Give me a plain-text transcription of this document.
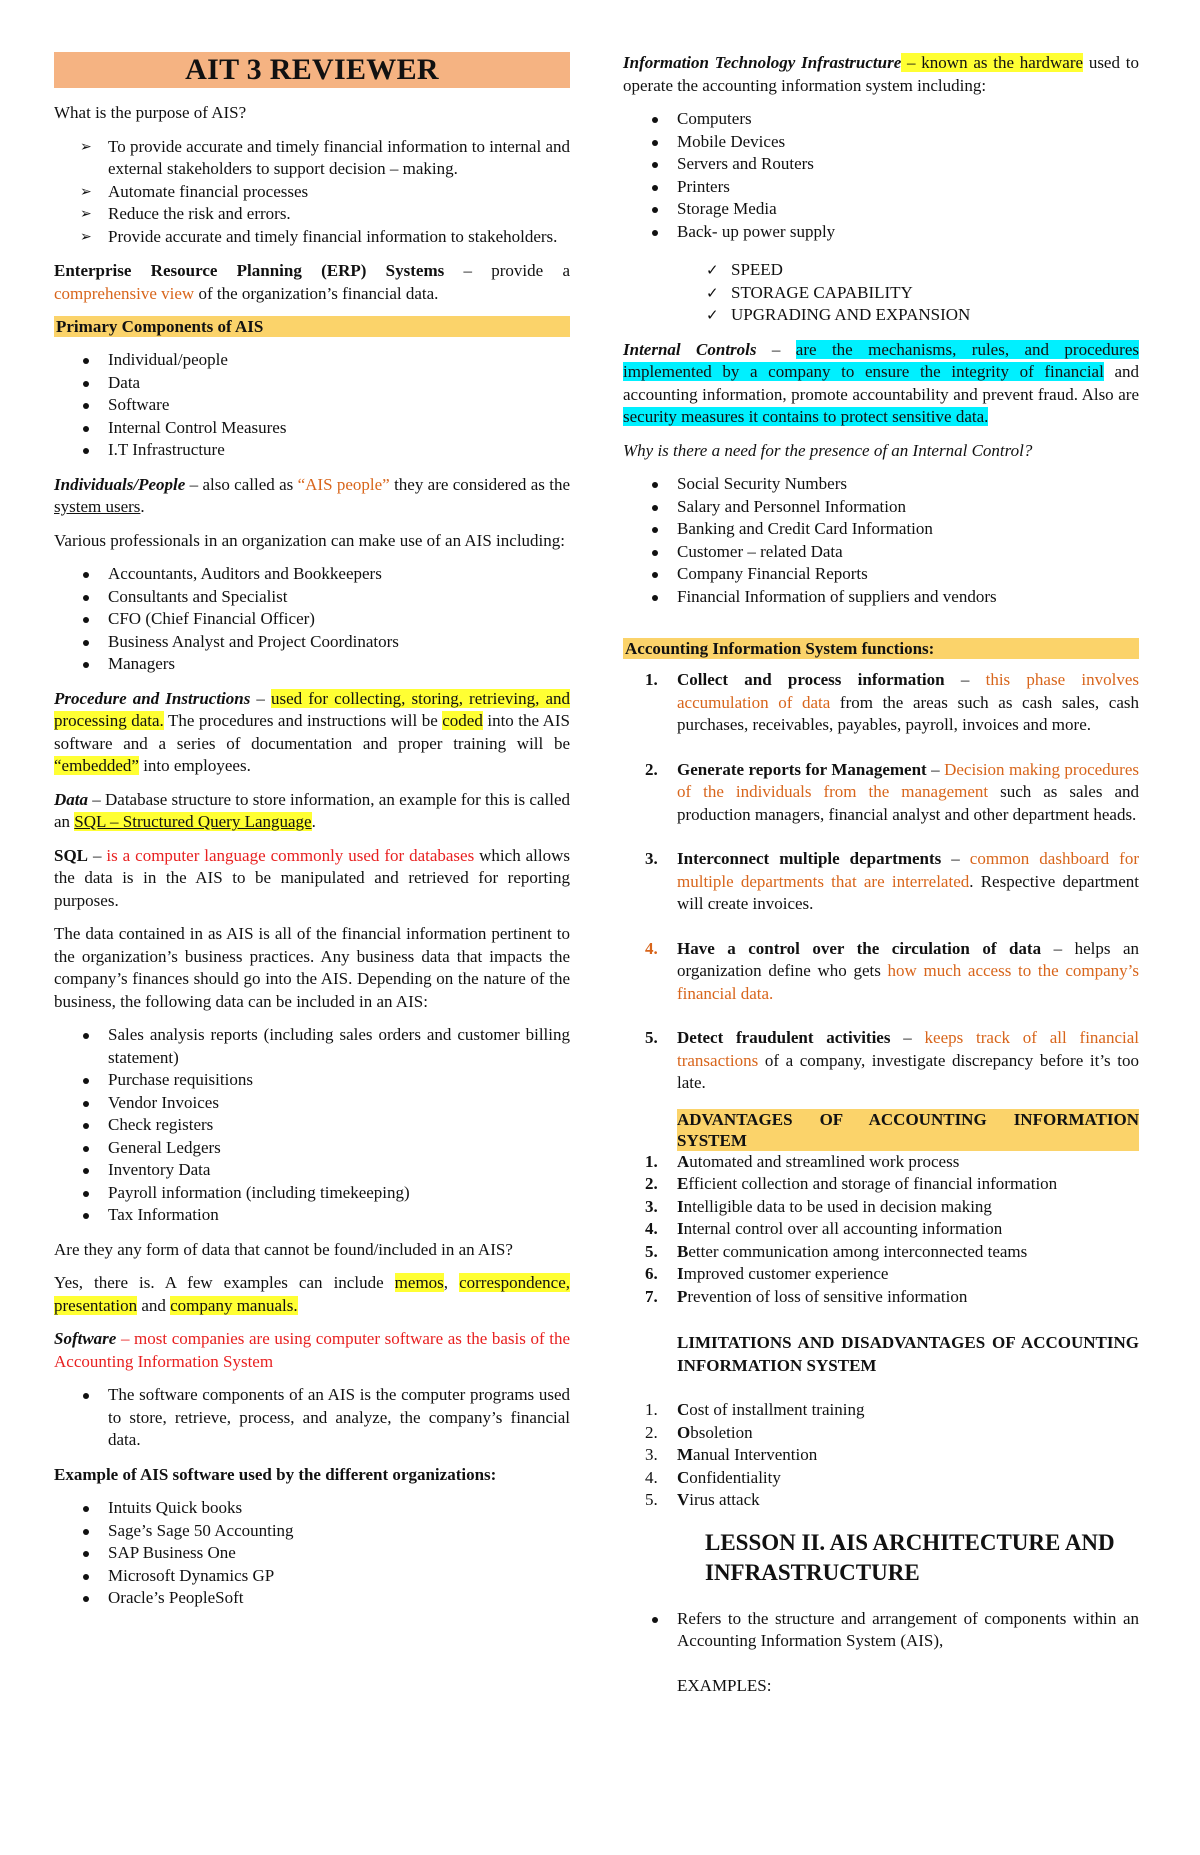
AIT 3 REVIEWER

What is the purpose of AIS?

➢ To provide accurate and timely financial information to internal and external stakeholders to support decision – making.
➢ Automate financial processes
➢ Reduce the risk and errors.
➢ Provide accurate and timely financial information to stakeholders.

Enterprise Resource Planning (ERP) Systems – provide a comprehensive view of the organization’s financial data.

Primary Components of AIS
Individual/people
Data
Software
Internal Control Measures
I.T Infrastructure

Individuals/People – also called as “AIS people” they are considered as the system users.

Various professionals in an organization can make use of an AIS including:

Accountants, Auditors and Bookkeepers
Consultants and Specialist
CFO (Chief Financial Officer)
Business Analyst and Project Coordinators
Managers

Procedure and Instructions – used for collecting, storing, retrieving, and processing data. The procedures and instructions will be coded into the AIS software and a series of documentation and proper training will be “embedded” into employees.

Data – Database structure to store information, an example for this is called an SQL – Structured Query Language.

SQL – is a computer language commonly used for databases which allows the data is in the AIS to be manipulated and retrieved for reporting purposes.

The data contained in as AIS is all of the financial information pertinent to the organization’s business practices. Any business data that impacts the company’s finances should go into the AIS. Depending on the nature of the business, the following data can be included in an AIS:

Sales analysis reports (including sales orders and customer billing statement)
Purchase requisitions
Vendor Invoices
Check registers
General Ledgers
Inventory Data
Payroll information (including timekeeping)
Tax Information

Are they any form of data that cannot be found/included in an AIS?

Yes, there is. A few examples can include memos, correspondence, presentation and company manuals.

Software – most companies are using computer software as the basis of the Accounting Information System

The software components of an AIS is the computer programs used to store, retrieve, process, and analyze, the company’s financial data.

Example of AIS software used by the different organizations:

Intuits Quick books
Sage’s Sage 50 Accounting
SAP Business One
Microsoft Dynamics GP
Oracle’s PeopleSoft

Information Technology Infrastructure – known as the hardware used to operate the accounting information system including:

Computers
Mobile Devices
Servers and Routers
Printers
Storage Media
Back- up power supply
✓ SPEED
✓ STORAGE CAPABILITY
✓ UPGRADING AND EXPANSION

Internal Controls – are the mechanisms, rules, and procedures implemented by a company to ensure the integrity of financial and accounting information, promote accountability and prevent fraud. Also are security measures it contains to protect sensitive data.

Why is there a need for the presence of an Internal Control?

Social Security Numbers
Salary and Personnel Information
Banking and Credit Card Information
Customer – related Data
Company Financial Reports
Financial Information of suppliers and vendors
Accounting Information System functions:
1. Collect and process information – this phase involves accumulation of data from the areas such as cash sales, cash purchases, receivables, payables, payroll, invoices and more.
2. Generate reports for Management – Decision making procedures of the individuals from the management such as sales and production managers, financial analyst and other department heads.
3. Interconnect multiple departments – common dashboard for multiple departments that are interrelated. Respective department will create invoices.
4. Have a control over the circulation of data – helps an organization define who gets how much access to the company’s financial data.
5. Detect fraudulent activities – keeps track of all financial transactions of a company, investigate discrepancy before it’s too late.
ADVANTAGES OF ACCOUNTING INFORMATION SYSTEM
1. Automated and streamlined work process
2. Efficient collection and storage of financial information
3. Intelligible data to be used in decision making
4. Internal control over all accounting information
5. Better communication among interconnected teams
6. Improved customer experience
7. Prevention of loss of sensitive information

LIMITATIONS AND DISADVANTAGES OF ACCOUNTING INFORMATION SYSTEM

1. Cost of installment training
2. Obsoletion
3. Manual Intervention
4. Confidentiality
5. Virus attack
LESSON II. AIS ARCHITECTURE AND INFRASTRUCTURE
Refers to the structure and arrangement of components within an Accounting Information System (AIS),

EXAMPLES:
